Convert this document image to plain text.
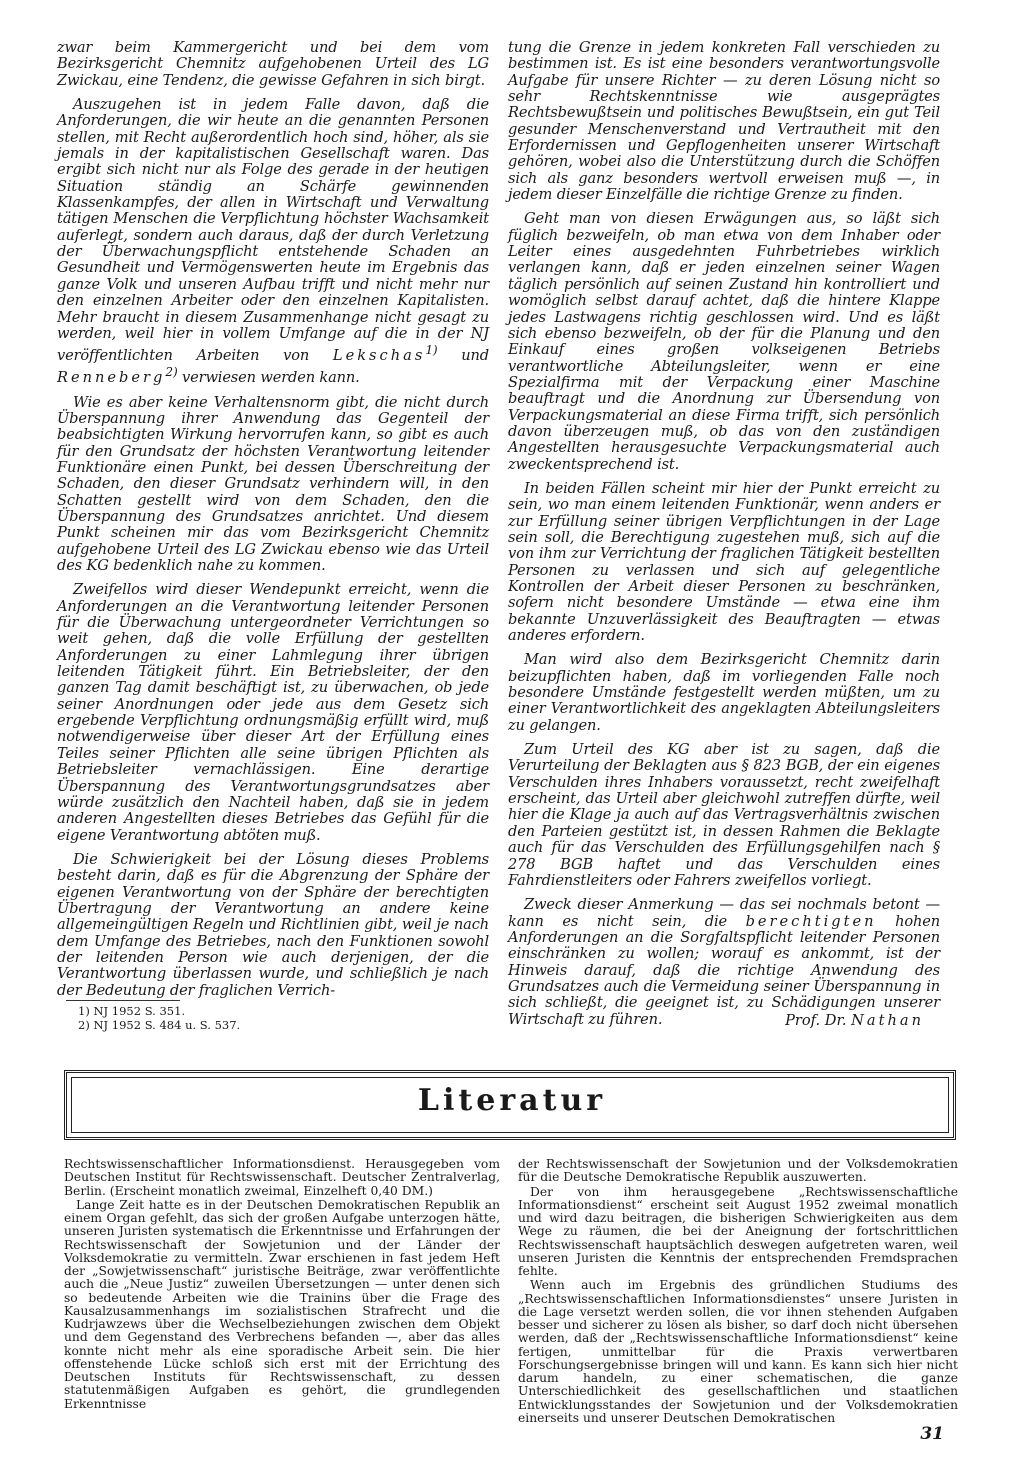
zwar beim Kammergericht und bei dem vom Bezirksgericht Chemnitz aufgehobenen Urteil des LG Zwickau, eine Tendenz, die gewisse Gefahren in sich birgt.

Auszugehen ist in jedem Falle davon, daß die Anforderungen, die wir heute an die genannten Personen stellen, mit Recht außerordentlich hoch sind, höher, als sie jemals in der kapitalistischen Gesellschaft waren. Das ergibt sich nicht nur als Folge des gerade in der heutigen Situation ständig an Schärfe gewinnenden Klassenkampfes, der allen in Wirtschaft und Verwaltung tätigen Menschen die Verpflichtung höchster Wachsamkeit auferlegt, sondern auch daraus, daß der durch Verletzung der Überwachungspflicht entstehende Schaden an Gesundheit und Vermögenswerten heute im Ergebnis das ganze Volk und unseren Aufbau trifft und nicht mehr nur den einzelnen Arbeiter oder den einzelnen Kapitalisten. Mehr braucht in diesem Zusammenhange nicht gesagt zu werden, weil hier in vollem Umfange auf die in der NJ veröffentlichten Arbeiten von Lekschas$^{1)}$ und Renneberg$^{2)}$ verwiesen werden kann.

Wie es aber keine Verhaltensnorm gibt, die nicht durch Überspannung ihrer Anwendung das Gegenteil der beabsichtigten Wirkung hervorrufen kann, so gibt es auch für den Grundsatz der höchsten Verantwortung leitender Funktionäre einen Punkt, bei dessen Überschreitung der Schaden, den dieser Grundsatz verhindern will, in den Schatten gestellt wird von dem Schaden, den die Überspannung des Grundsatzes anrichtet. Und diesem Punkt scheinen mir das vom Bezirksgericht Chemnitz aufgehobene Urteil des LG Zwickau ebenso wie das Urteil des KG bedenklich nahe zu kommen.

Zweifellos wird dieser Wendepunkt erreicht, wenn die Anforderungen an die Verantwortung leitender Personen für die Überwachung untergeordneter Verrichtungen so weit gehen, daß die volle Erfüllung der gestellten Anforderungen zu einer Lahmlegung ihrer übrigen leitenden Tätigkeit führt. Ein Betriebsleiter, der den ganzen Tag damit beschäftigt ist, zu überwachen, ob jede seiner Anordnungen oder jede aus dem Gesetz sich ergebende Verpflichtung ordnungsmäßig erfüllt wird, muß notwendigerweise über dieser Art der Erfüllung eines Teiles seiner Pflichten alle seine übrigen Pflichten als Betriebsleiter vernachlässigen. Eine derartige Überspannung des Verantwortungsgrundsatzes aber würde zusätzlich den Nachteil haben, daß sie in jedem anderen Angestellten dieses Betriebes das Gefühl für die eigene Verantwortung abtöten muß.

Die Schwierigkeit bei der Lösung dieses Problems besteht darin, daß es für die Abgrenzung der Sphäre der eigenen Verantwortung von der Sphäre der berechtigten Übertragung der Verantwortung an andere keine allgemeingültigen Regeln und Richtlinien gibt, weil je nach dem Umfange des Betriebes, nach den Funktionen sowohl der leitenden Person wie auch derjenigen, der die Verantwortung überlassen wurde, und schließlich je nach der Bedeutung der fraglichen Verrich-

tung die Grenze in jedem konkreten Fall verschieden zu bestimmen ist. Es ist eine besonders verantwortungsvolle Aufgabe für unsere Richter — zu deren Lösung nicht so sehr Rechtskenntnisse wie ausgeprägtes Rechtsbewußtsein und politisches Bewußtsein, ein gut Teil gesunder Menschenverstand und Vertrautheit mit den Erfordernissen und Gepflogenheiten unserer Wirtschaft gehören, wobei also die Unterstützung durch die Schöffen sich als ganz besonders wertvoll erweisen muß —, in jedem dieser Einzelfälle die richtige Grenze zu finden.

Geht man von diesen Erwägungen aus, so läßt sich füglich bezweifeln, ob man etwa von dem Inhaber oder Leiter eines ausgedehnten Fuhrbetriebes wirklich verlangen kann, daß er jeden einzelnen seiner Wagen täglich persönlich auf seinen Zustand hin kontrolliert und womöglich selbst darauf achtet, daß die hintere Klappe jedes Lastwagens richtig geschlossen wird. Und es läßt sich ebenso bezweifeln, ob der für die Planung und den Einkauf eines großen volkseigenen Betriebs verantwortliche Abteilungsleiter, wenn er eine Spezialfirma mit der Verpackung einer Maschine beauftragt und die Anordnung zur Übersendung von Verpackungsmaterial an diese Firma trifft, sich persönlich davon überzeugen muß, ob das von den zuständigen Angestellten herausgesuchte Verpackungsmaterial auch zweckentsprechend ist.

In beiden Fällen scheint mir hier der Punkt erreicht zu sein, wo man einem leitenden Funktionär, wenn anders er zur Erfüllung seiner übrigen Verpflichtungen in der Lage sein soll, die Berechtigung zugestehen muß, sich auf die von ihm zur Verrichtung der fraglichen Tätigkeit bestellten Personen zu verlassen und sich auf gelegentliche Kontrollen der Arbeit dieser Personen zu beschränken, sofern nicht besondere Umstände — etwa eine ihm bekannte Unzuverlässigkeit des Beauftragten — etwas anderes erfordern.

Man wird also dem Bezirksgericht Chemnitz darin beizupflichten haben, daß im vorliegenden Falle noch besondere Umstände festgestellt werden müßten, um zu einer Verantwortlichkeit des angeklagten Abteilungsleiters zu gelangen.

Zum Urteil des KG aber ist zu sagen, daß die Verurteilung der Beklagten aus § 823 BGB, der ein eigenes Verschulden ihres Inhabers voraussetzt, recht zweifelhaft erscheint, das Urteil aber gleichwohl zutreffen dürfte, weil hier die Klage ja auch auf das Vertragsverhältnis zwischen den Parteien gestützt ist, in dessen Rahmen die Beklagte auch für das Verschulden des Erfüllungsgehilfen nach § 278 BGB haftet und das Verschulden eines Fahrdienstleiters oder Fahrers zweifellos vorliegt.

Zweck dieser Anmerkung — das sei nochmals betont — kann es nicht sein, die berechtigten hohen Anforderungen an die Sorgfaltspflicht leitender Personen einschränken zu wollen; worauf es ankommt, ist der Hinweis darauf, daß die richtige Anwendung des Grundsatzes auch die Vermeidung seiner Überspannung in sich schließt, die geeignet ist, zu Schädigungen unserer Wirtschaft zu führen.

1) NJ 1952 S. 351.
2) NJ 1952 S. 484 u. S. 537.	Prof. Dr. Nathan
Literatur

Rechtswissenschaftlicher Informationsdienst. Herausgegeben vom Deutschen Institut für Rechtswissenschaft. Deutscher Zentralverlag, Berlin. (Erscheint monatlich zweimal, Einzelheft 0,40 DM.)

Lange Zeit hatte es in der Deutschen Demokratischen Republik an einem Organ gefehlt, das sich der großen Aufgabe unterzogen hätte, unseren Juristen systematisch die Erkenntnisse und Erfahrungen der Rechtswissenschaft der Sowjetunion und der Länder der Volksdemokratie zu vermitteln. Zwar erschienen in fast jedem Heft der „Sowjetwissenschaft“ juristische Beiträge, zwar veröffentlichte auch die „Neue Justiz“ zuweilen Übersetzungen — unter denen sich so bedeutende Arbeiten wie die Trainins über die Frage des Kausalzusammenhangs im sozialistischen Strafrecht und die Kudrjawzews über die Wechselbeziehungen zwischen dem Objekt und dem Gegenstand des Verbrechens befanden —, aber das alles konnte nicht mehr als eine sporadische Arbeit sein. Die hier offenstehende Lücke schloß sich erst mit der Errichtung des Deutschen Instituts für Rechtswissenschaft, zu dessen statutenmäßigen Aufgaben es gehört, die grundlegenden Erkenntnisse

der Rechtswissenschaft der Sowjetunion und der Volksdemokratien für die Deutsche Demokratische Republik auszuwerten.

Der von ihm herausgegebene „Rechtswissenschaftliche Informationsdienst“ erscheint seit August 1952 zweimal monatlich und wird dazu beitragen, die bisherigen Schwierigkeiten aus dem Wege zu räumen, die bei der Aneignung der fortschrittlichen Rechtswissenschaft hauptsächlich deswegen aufgetreten waren, weil unseren Juristen die Kenntnis der entsprechenden Fremdsprachen fehlte.

Wenn auch im Ergebnis des gründlichen Studiums des „Rechtswissenschaftlichen Informationsdienstes“ unsere Juristen in die Lage versetzt werden sollen, die vor ihnen stehenden Aufgaben besser und sicherer zu lösen als bisher, so darf doch nicht übersehen werden, daß der „Rechtswissenschaftliche Informationsdienst“ keine fertigen, unmittelbar für die Praxis verwertbaren Forschungsergebnisse bringen will und kann. Es kann sich hier nicht darum handeln, zu einer schematischen, die ganze Unterschiedlichkeit des gesellschaftlichen und staatlichen Entwicklungsstandes der Sowjetunion und der Volksdemokratien einerseits und unserer Deutschen Demokratischen

31
